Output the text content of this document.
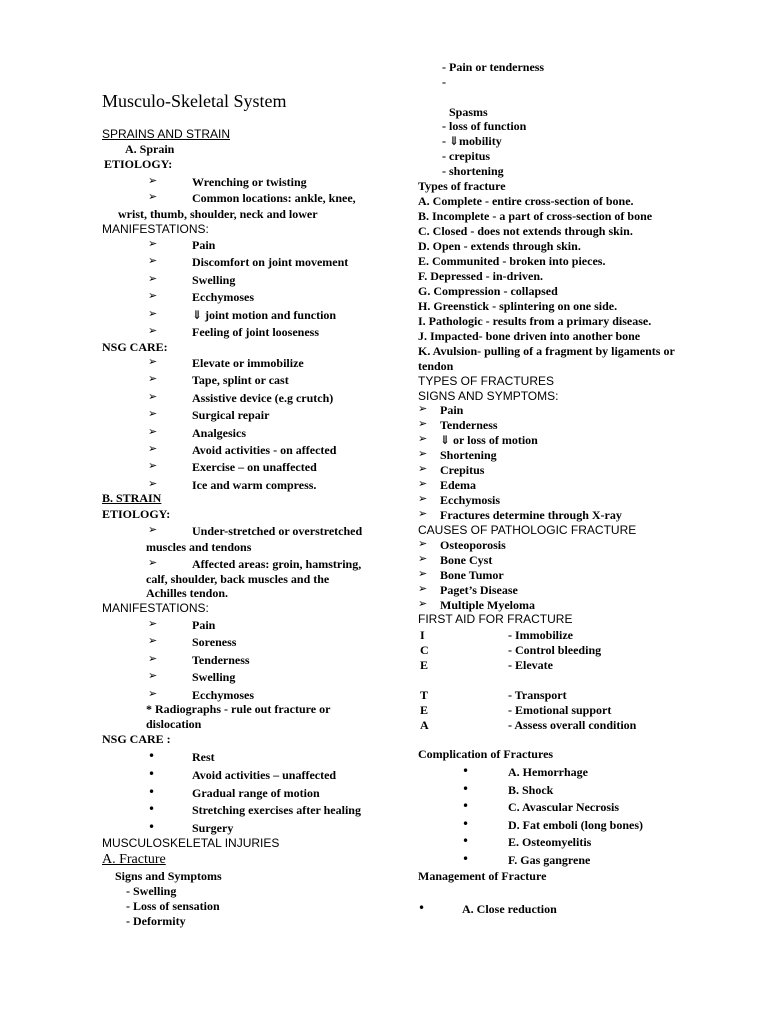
Musculo-Skeletal System
SPRAINS AND STRAIN
A. Sprain
ETIOLOGY:
➢	Wrenching or twisting
➢	Common locations: ankle, knee,
wrist, thumb, shoulder, neck and lower
MANIFESTATIONS:
➢	Pain
➢	Discomfort on joint movement
➢	Swelling
➢	Ecchymoses
➢	⇓ joint motion and function
➢	Feeling of joint looseness
NSG CARE:
➢	Elevate or immobilize
➢	Tape, splint or cast
➢	Assistive device (e.g crutch)
➢	Surgical repair
➢	Analgesics
➢	Avoid activities - on affected
➢	Exercise – on unaffected
➢	Ice and warm compress.
B. STRAIN
ETIOLOGY:
➢	Under-stretched or overstretched
muscles and tendons
➢	Affected areas: groin, hamstring,
calf, shoulder, back muscles and the
Achilles tendon.
MANIFESTATIONS:
➢	Pain
➢	Soreness
➢	Tenderness
➢	Swelling
➢	Ecchymoses
* Radiographs - rule out fracture or
dislocation
NSG CARE :
•	Rest
•	Avoid activities – unaffected
•	Gradual range of motion
•	Stretching exercises after healing
•	Surgery
MUSCULOSKELETAL INJURIES
A. Fracture
Signs and Symptoms
- Swelling
- Loss of sensation
- Deformity
- Pain or tenderness
-
Spasms
- loss of function
- ⇓mobility
- crepitus
- shortening
Types of fracture
A. Complete - entire cross-section of bone.
B. Incomplete - a part of cross-section of bone
C. Closed - does not extends through skin.
D. Open - extends through skin.
E. Communited - broken into pieces.
F. Depressed - in-driven.
G. Compression - collapsed
H. Greenstick - splintering on one side.
I. Pathologic - results from a primary disease.
J. Impacted- bone driven into another bone
K. Avulsion- pulling of a fragment by ligaments or
tendon
TYPES OF FRACTURES
SIGNS AND SYMPTOMS:
➢ Pain
➢ Tenderness
➢ ⇓ or loss of motion
➢ Shortening
➢ Crepitus
➢ Edema
➢ Ecchymosis
➢ Fractures determine through X-ray
CAUSES OF PATHOLOGIC FRACTURE
➢ Osteoporosis
➢ Bone Cyst
➢ Bone Tumor
➢ Paget’s Disease
➢ Multiple Myeloma
FIRST AID FOR FRACTURE
I	- Immobilize
C	- Control bleeding
E	- Elevate
T	- Transport
E	- Emotional support
A	- Assess overall condition
Complication of Fractures
•	A. Hemorrhage
•	B. Shock
•	C. Avascular Necrosis
•	D. Fat emboli (long bones)
•	E. Osteomyelitis
•	F. Gas gangrene
Management of Fracture
•	A. Close reduction
